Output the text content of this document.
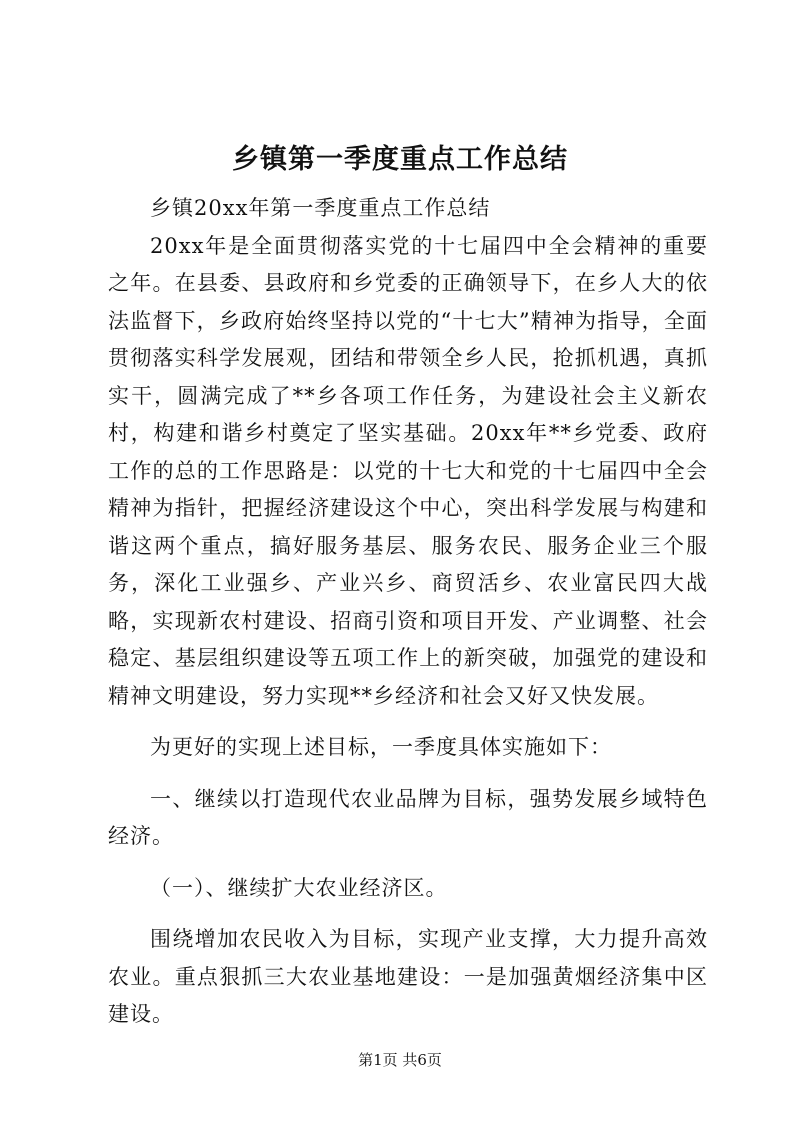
乡镇第一季度重点工作总结

乡镇20xx年第一季度重点工作总结

20xx年是全面贯彻落实党的十七届四中全会精神的重要之年。在县委、县政府和乡党委的正确领导下，在乡人大的依法监督下，乡政府始终坚持以党的“十七大”精神为指导，全面贯彻落实科学发展观，团结和带领全乡人民，抢抓机遇，真抓实干，圆满完成了**乡各项工作任务，为建设社会主义新农村，构建和谐乡村奠定了坚实基础。20xx年**乡党委、政府工作的总的工作思路是：以党的十七大和党的十七届四中全会精神为指针，把握经济建设这个中心，突出科学发展与构建和谐这两个重点，搞好服务基层、服务农民、服务企业三个服务，深化工业强乡、产业兴乡、商贸活乡、农业富民四大战略，实现新农村建设、招商引资和项目开发、产业调整、社会稳定、基层组织建设等五项工作上的新突破，加强党的建设和精神文明建设，努力实现**乡经济和社会又好又快发展。

为更好的实现上述目标，一季度具体实施如下：

一、继续以打造现代农业品牌为目标，强势发展乡域特色经济。

（一）、继续扩大农业经济区。

围绕增加农民收入为目标，实现产业支撑，大力提升高效农业。重点狠抓三大农业基地建设：一是加强黄烟经济集中区建设。

第1页 共6页
